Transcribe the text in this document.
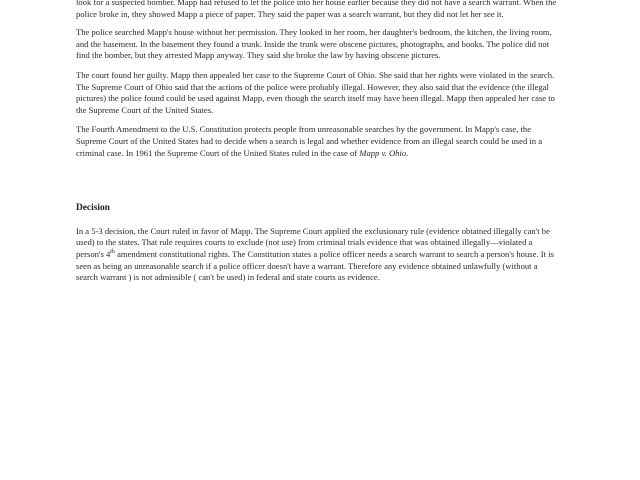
look for a suspected bomber. Mapp had refused to let the police into her house earlier because they did not have a search warrant. When the police broke in, they showed Mapp a piece of paper. They said the paper was a search warrant, but they did not let her see it.

The police searched Mapp's house without her permission. They looked in her room, her daughter's bedroom, the kitchen, the living room, and the basement. In the basement they found a trunk. Inside the trunk were obscene pictures, photographs, and books. The police did not find the bomber, but they arrested Mapp anyway. They said she broke the law by having obscene pictures.

The court found her guilty. Mapp then appealed her case to the Supreme Court of Ohio. She said that her rights were violated in the search. The Supreme Court of Ohio said that the actions of the police were probably illegal. However, they also said that the evidence (the illegal pictures) the police found could be used against Mapp, even though the search itself may have been illegal. Mapp then appealed her case to the Supreme Court of the United States.

The Fourth Amendment to the U.S. Constitution protects people from unreasonable searches by the government. In Mapp's case, the Supreme Court of the United States had to decide when a search is legal and whether evidence from an illegal search could be used in a criminal case. In 1961 the Supreme Court of the United States ruled in the case of Mapp v. Ohio.

Decision

In a 5-3 decision, the Court ruled in favor of Mapp. The Supreme Court applied the exclusionary rule (evidence obtained illegally can't be used) to the states. That rule requires courts to exclude (not use) from criminal trials evidence that was obtained illegally—violated a person's 4th amendment constitutional rights. The Constitution states a police officer needs a search warrant to search a person's house. It is seen as being an unreasonable search if a police officer doesn't have a warrant. Therefore any evidence obtained unlawfully (without a search warrant ) is not admissible ( can't be used) in federal and state courts as evidence.
